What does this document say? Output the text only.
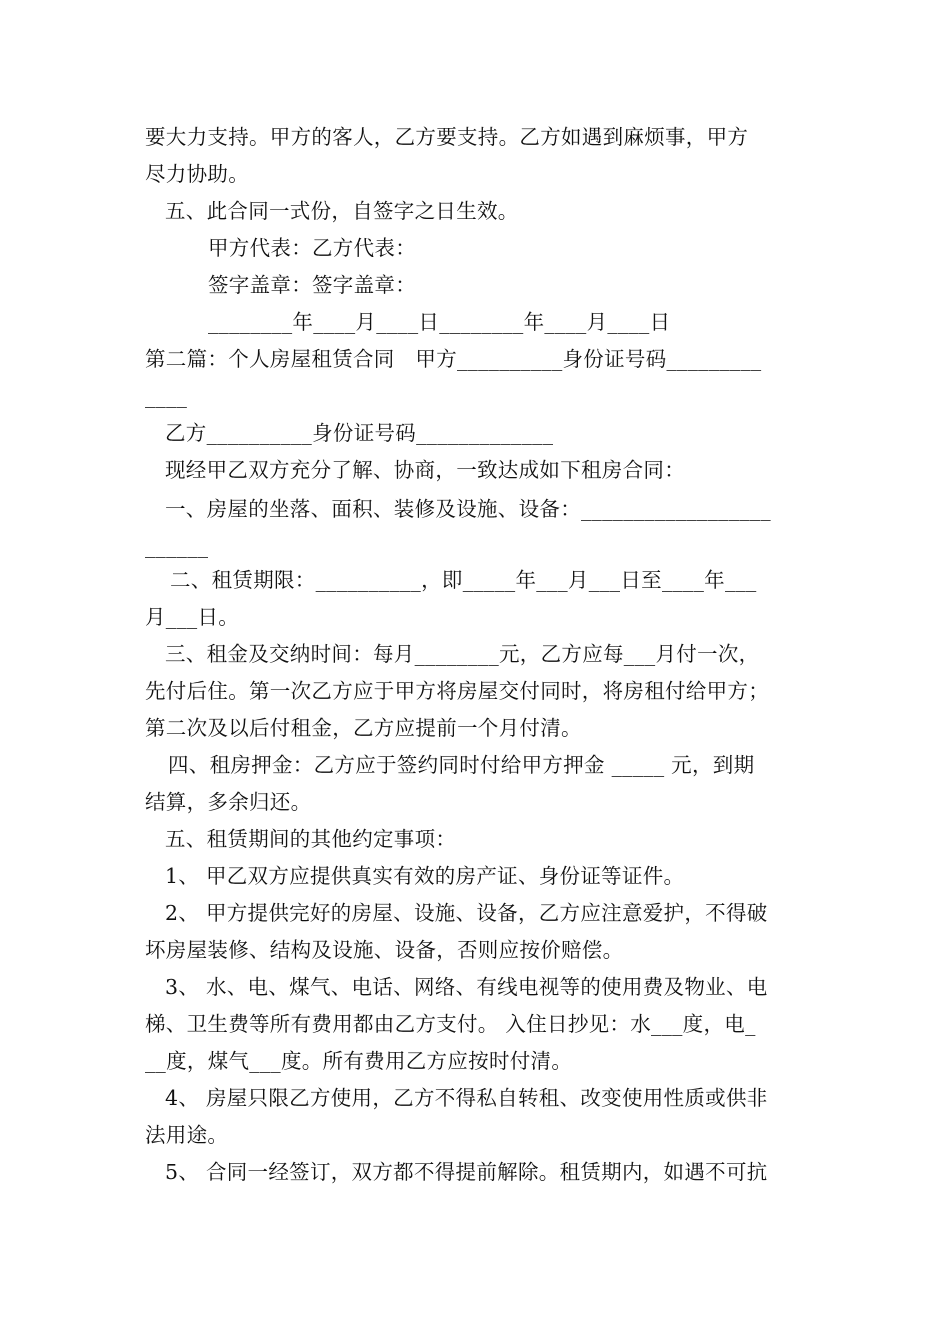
要大力支持。甲方的客人，乙方要支持。乙方如遇到麻烦事，甲方
尽力协助。
五、此合同一式份，自签字之日生效。
甲方代表：乙方代表：
签字盖章：签字盖章：
________年____月____日________年____月____日
第二篇：个人房屋租赁合同　甲方__________身份证号码_________
____
乙方__________身份证号码_____________
现经甲乙双方充分了解、协商，一致达成如下租房合同：
一、房屋的坐落、面积、装修及设施、设备：__________________
______
二、租赁期限：__________，即_____年___月___日至____年___
月___日。
三、租金及交纳时间：每月________元，乙方应每___月付一次，
先付后住。第一次乙方应于甲方将房屋交付同时，将房租付给甲方；
第二次及以后付租金，乙方应提前一个月付清。
四、租房押金：乙方应于签约同时付给甲方押金 _____ 元，到期
结算，多余归还。
五、租赁期间的其他约定事项：
1、 甲乙双方应提供真实有效的房产证、身份证等证件。
2、 甲方提供完好的房屋、设施、设备，乙方应注意爱护，不得破
坏房屋装修、结构及设施、设备，否则应按价赔偿。
3、 水、电、煤气、电话、网络、有线电视等的使用费及物业、电
梯、卫生费等所有费用都由乙方支付。 入住日抄见：水___度，电_
__度，煤气___度。所有费用乙方应按时付清。
4、 房屋只限乙方使用，乙方不得私自转租、改变使用性质或供非
法用途。
5、 合同一经签订，双方都不得提前解除。租赁期内，如遇不可抗
